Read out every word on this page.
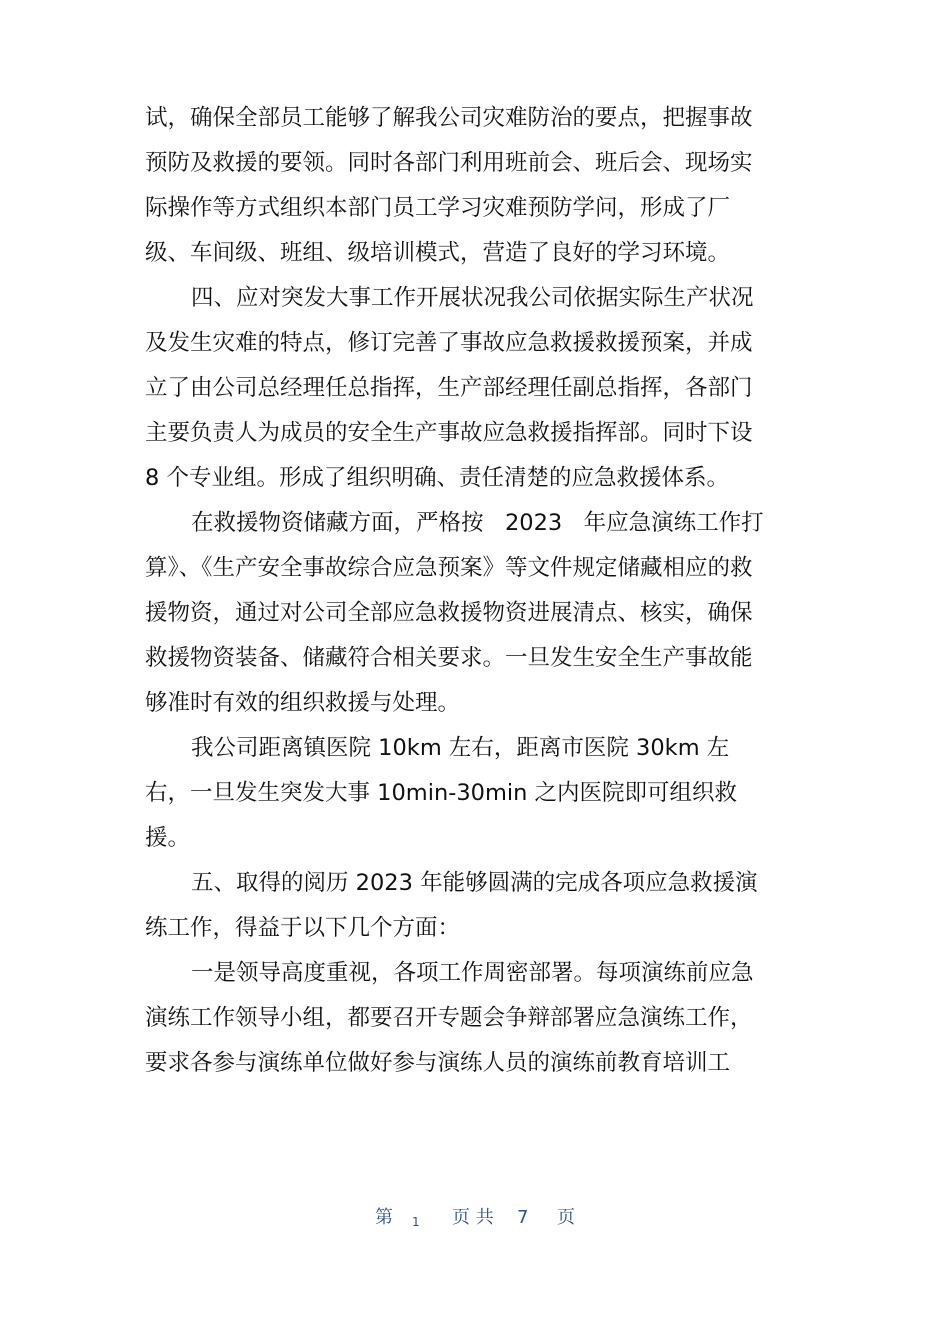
试，确保全部员工能够了解我公司灾难防治的要点，把握事故
预防及救援的要领。同时各部门利用班前会、班后会、现场实
际操作等方式组织本部门员工学习灾难预防学问，形成了厂
级、车间级、班组、级培训模式，营造了良好的学习环境。
四、应对突发大事工作开展状况我公司依据实际生产状况
及发生灾难的特点，修订完善了事故应急救援救援预案，并成
立了由公司总经理任总指挥，生产部经理任副总指挥，各部门
主要负责人为成员的安全生产事故应急救援指挥部。同时下设
8 个专业组。形成了组织明确、责任清楚的应急救援体系。
在救援物资储藏方面，严格按   2023   年应急演练工作打
算》、《生产安全事故综合应急预案》等文件规定储藏相应的救
援物资，通过对公司全部应急救援物资进展清点、核实，确保
救援物资装备、储藏符合相关要求。一旦发生安全生产事故能
够准时有效的组织救援与处理。
我公司距离镇医院 10km 左右，距离市医院 30km 左
右，一旦发生突发大事 10min-30min 之内医院即可组织救
援。
五、取得的阅历 2023 年能够圆满的完成各项应急救援演
练工作，得益于以下几个方面：
一是领导高度重视，各项工作周密部署。每项演练前应急
演练工作领导小组，都要召开专题会争辩部署应急演练工作，
要求各参与演练单位做好参与演练人员的演练前教育培训工
第 1 页 共 7 页
